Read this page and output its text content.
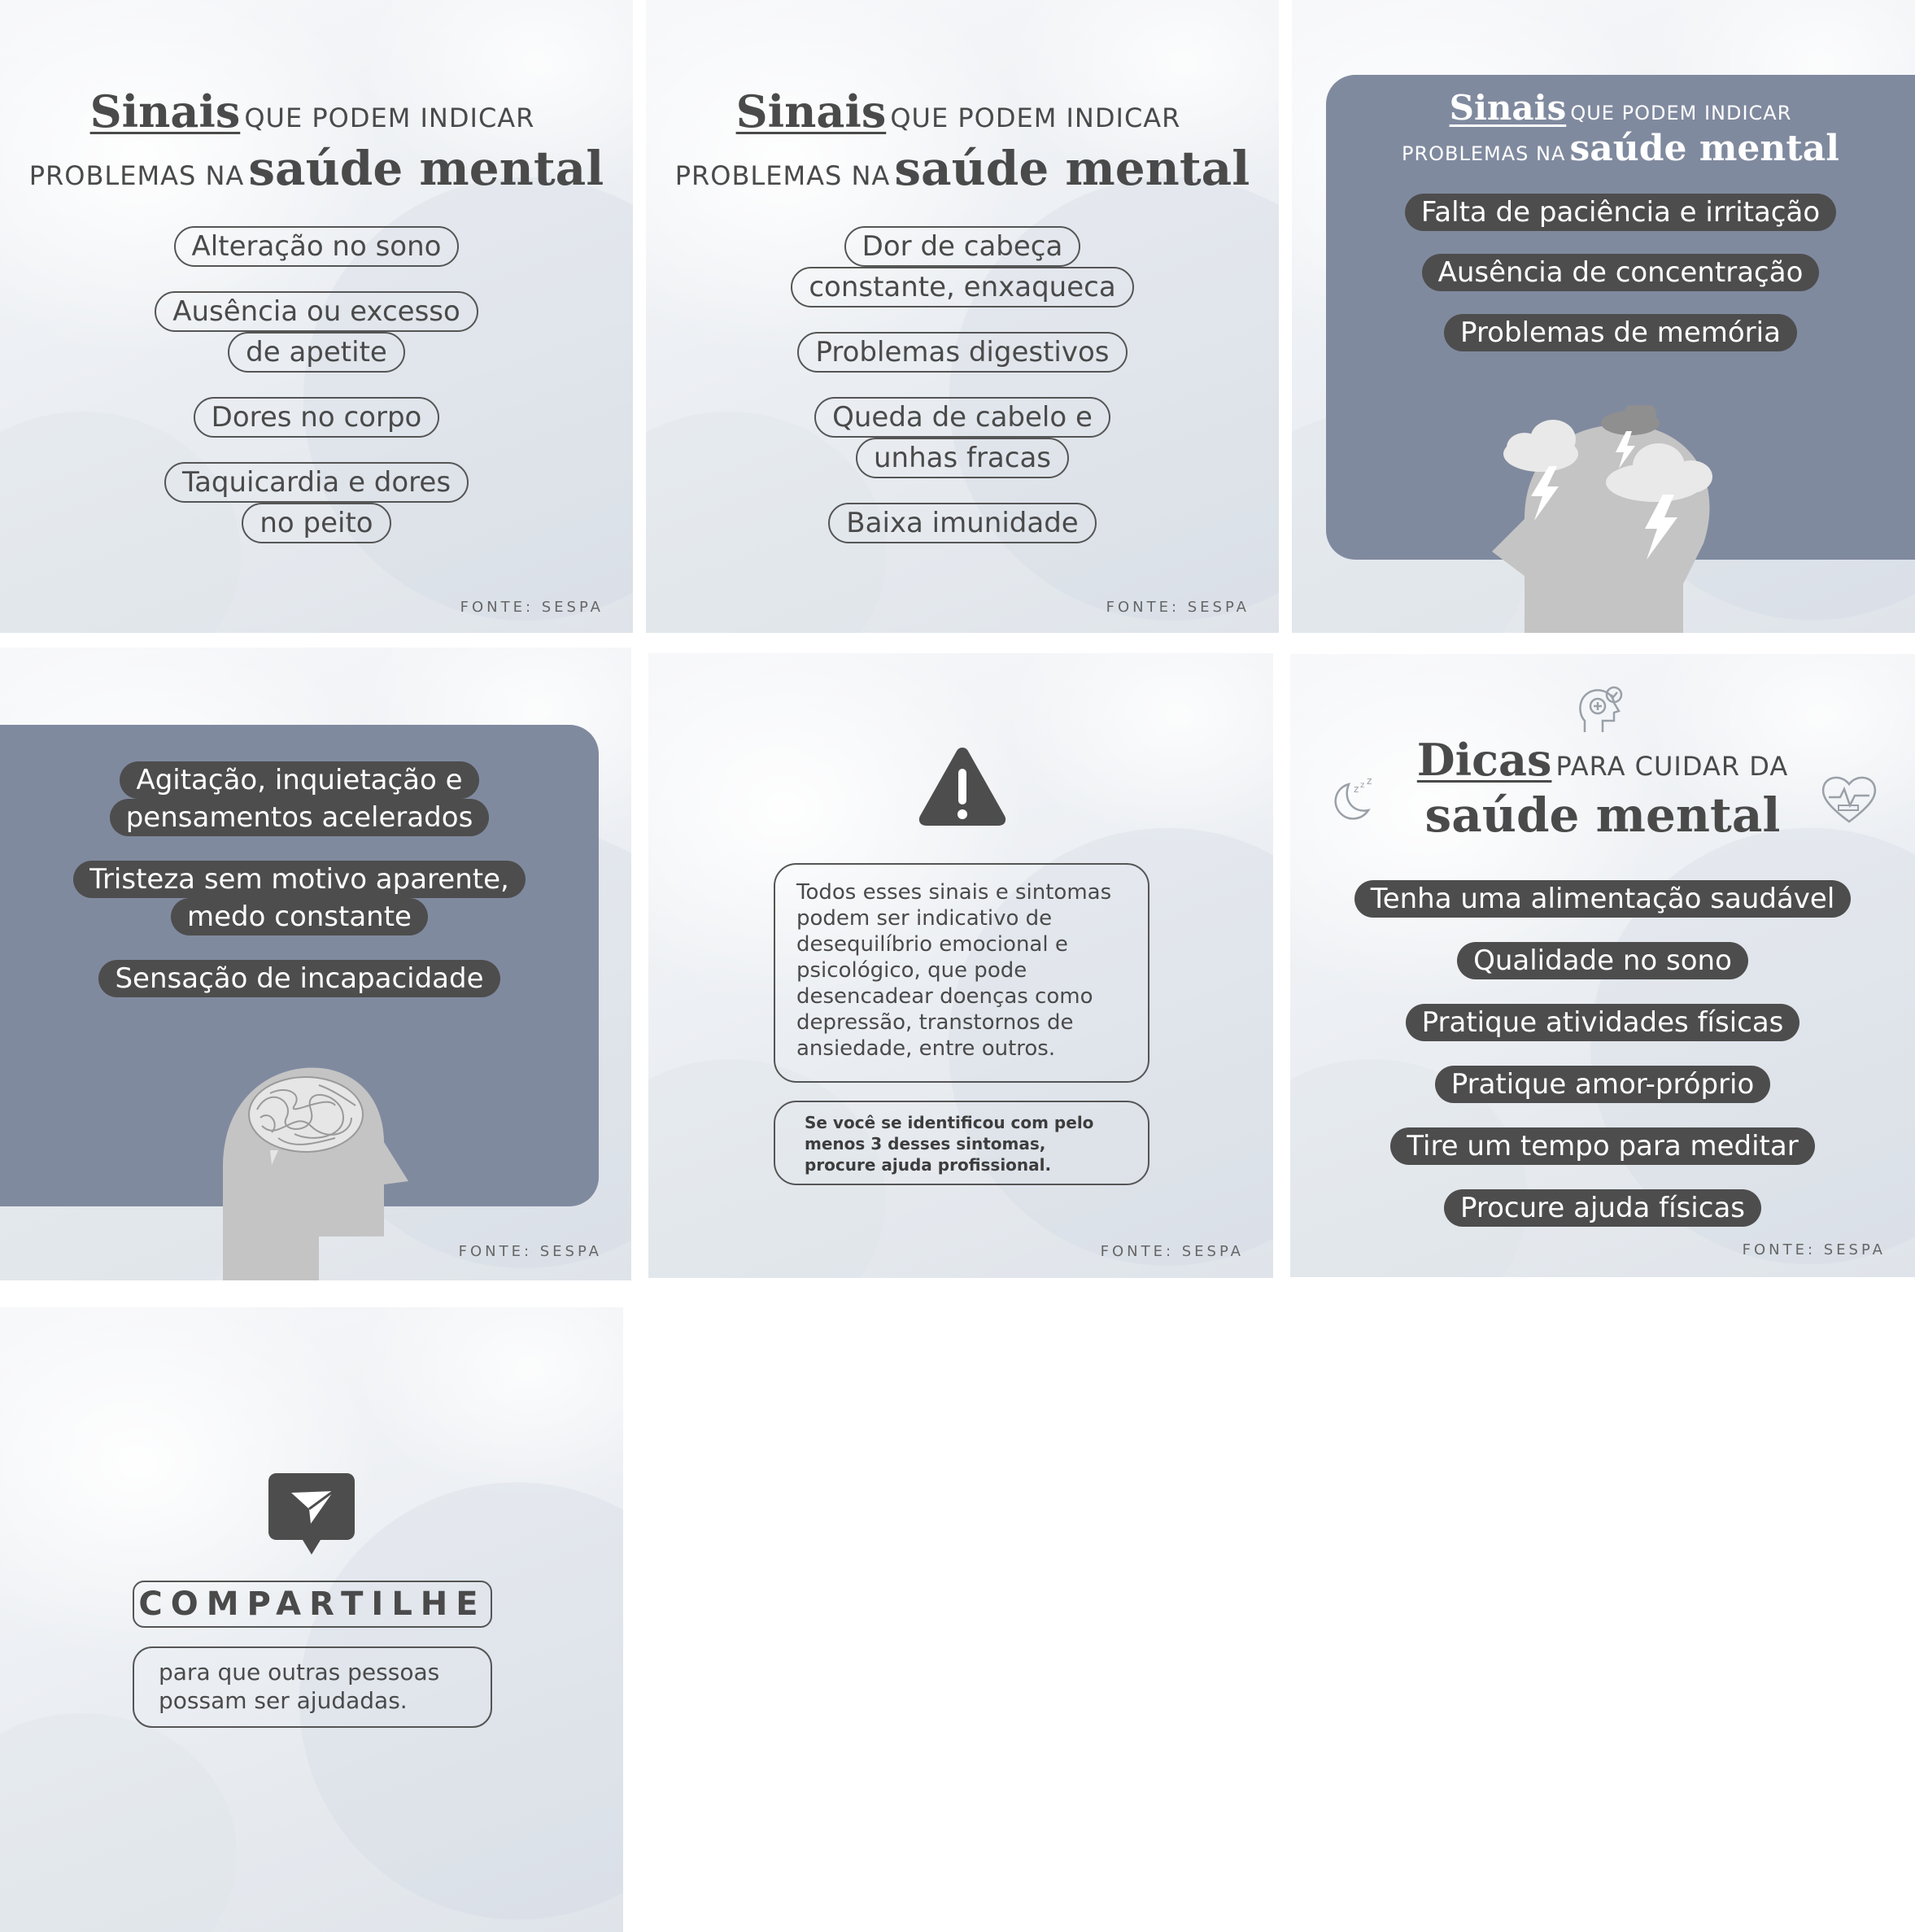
Sinais QUE PODEM INDICAR
PROBLEMAS NA saúde mental
Alteração no sono
Ausência ou excesso
de apetite
Dores no corpo
Taquicardia e dores
no peito
FONTE: SESPA
Sinais QUE PODEM INDICAR
PROBLEMAS NA saúde mental
Dor de cabeça
constante, enxaqueca
Problemas digestivos
Queda de cabelo e
unhas fracas
Baixa imunidade
FONTE: SESPA
Sinais QUE PODEM INDICAR
PROBLEMAS NA saúde mental
Falta de paciência e irritação
Ausência de concentração
Problemas de memória
Agitação, inquietação e
pensamentos acelerados
Tristeza sem motivo aparente,
medo constante
Sensação de incapacidade
FONTE: SESPA

Todos esses sinais e sintomas podem ser indicativo de desequilíbrio emocional e psicológico, que pode desencadear doenças como depressão, transtornos de ansiedade, entre outros.

Se você se identificou com pelo menos 3 desses sintomas, procure ajuda profissional.

FONTE: SESPA
z z z	Dicas PARA CUIDAR DA
saúde mental
Tenha uma alimentação saudável
Qualidade no sono
Pratique atividades físicas
Pratique amor-próprio
Tire um tempo para meditar
Procure ajuda físicas
FONTE: SESPA
COMPARTILHE

para que outras pessoas possam ser ajudadas.
